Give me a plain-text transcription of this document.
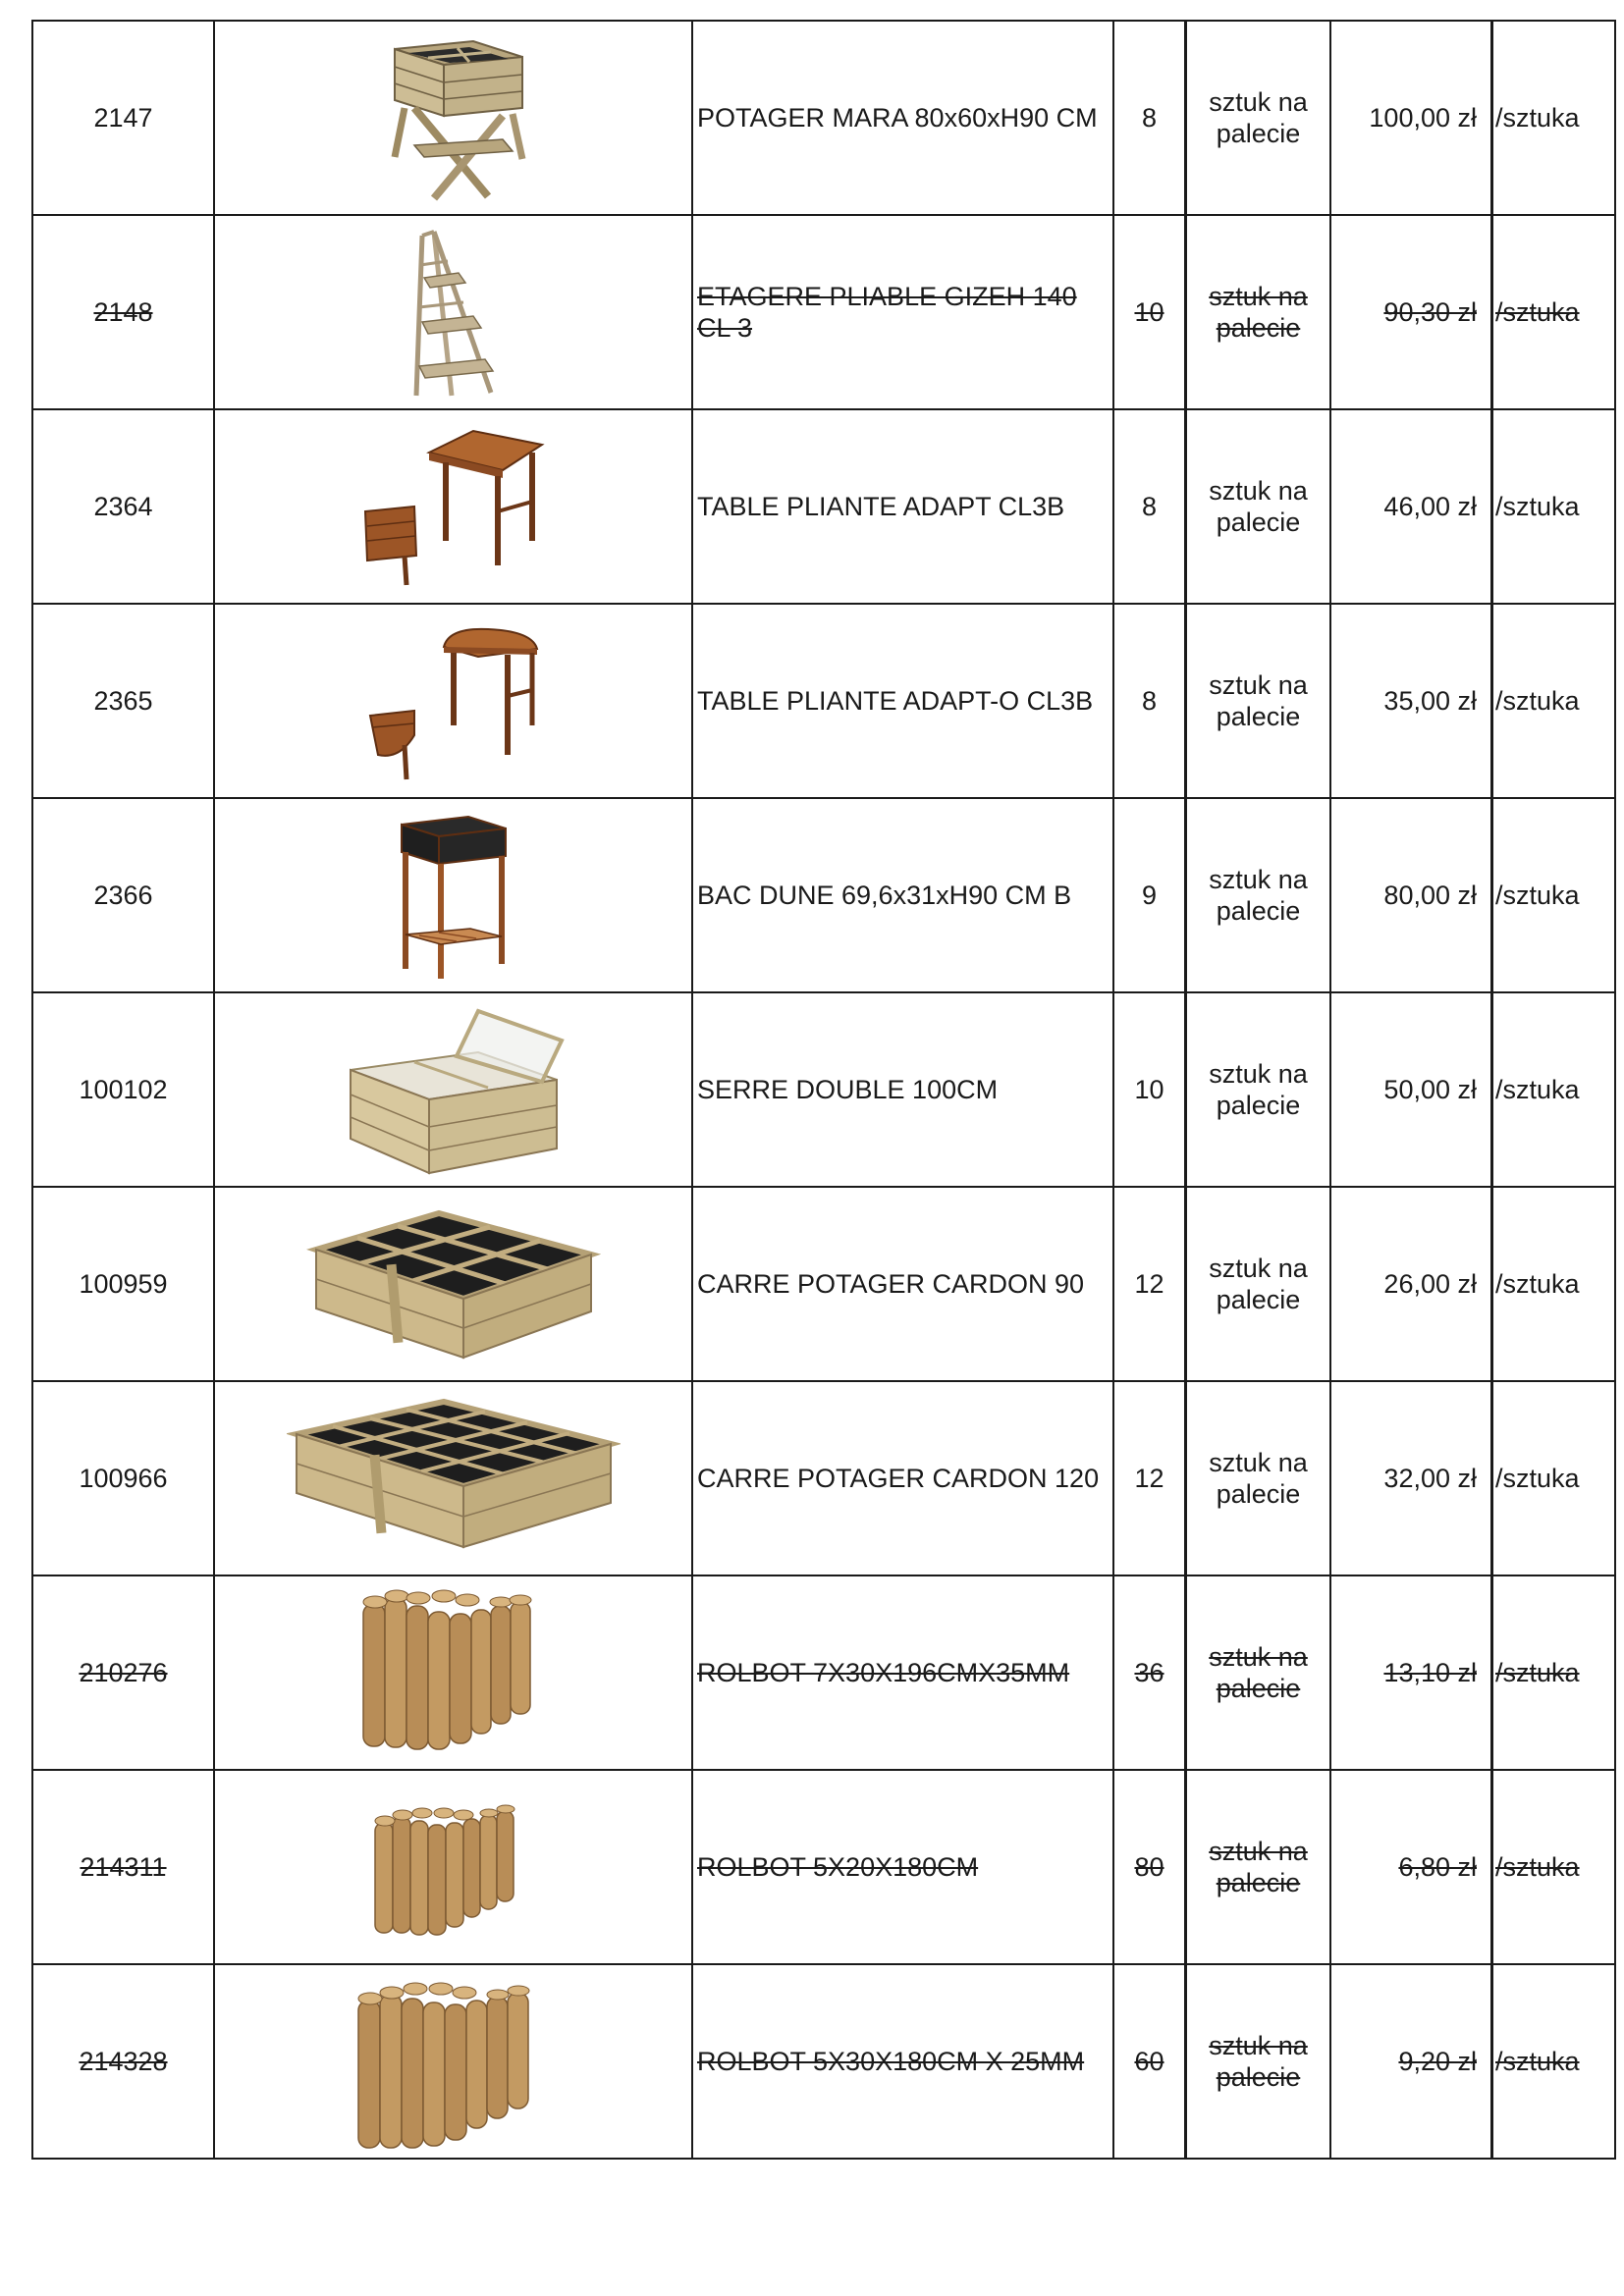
2147		POTAGER MARA 80x60xH90 CM	8	sztuk na palecie	100,00 zł	/sztuka
2148		ETAGERE PLIABLE GIZEH 140 CL 3	10	sztuk na palecie	90,30 zł	/sztuka
2364		TABLE PLIANTE ADAPT CL3B	8	sztuk na palecie	46,00 zł	/sztuka
2365		TABLE PLIANTE ADAPT-O CL3B	8	sztuk na palecie	35,00 zł	/sztuka
2366		BAC DUNE 69,6x31xH90 CM B	9	sztuk na palecie	80,00 zł	/sztuka
100102		SERRE DOUBLE 100CM	10	sztuk na palecie	50,00 zł	/sztuka
100959		CARRE POTAGER CARDON 90	12	sztuk na palecie	26,00 zł	/sztuka
100966		CARRE POTAGER CARDON 120	12	sztuk na palecie	32,00 zł	/sztuka
210276		ROLBOT 7X30X196CMX35MM	36	sztuk na palecie	13,10 zł	/sztuka
214311		ROLBOT 5X20X180CM	80	sztuk na palecie	6,80 zł	/sztuka
214328		ROLBOT 5X30X180CM X 25MM	60	sztuk na palecie	9,20 zł	/sztuka
